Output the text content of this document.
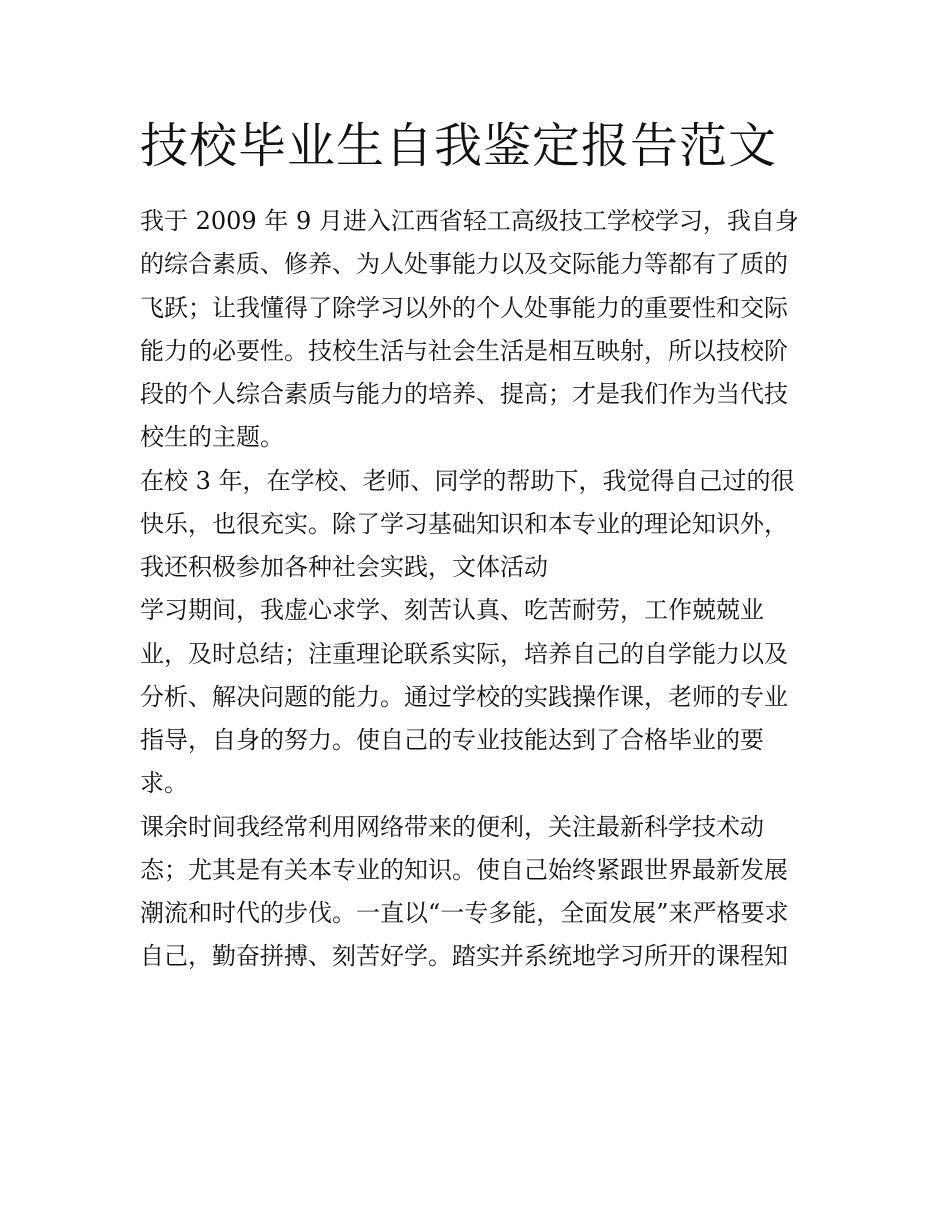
技校毕业生自我鉴定报告范文

我于 2009 年 9 月进入江西省轻工高级技工学校学习，我自身

的综合素质、修养、为人处事能力以及交际能力等都有了质的

飞跃；让我懂得了除学习以外的个人处事能力的重要性和交际

能力的必要性。技校生活与社会生活是相互映射，所以技校阶

段的个人综合素质与能力的培养、提高；才是我们作为当代技

校生的主题。

在校 3 年，在学校、老师、同学的帮助下，我觉得自己过的很

快乐，也很充实。除了学习基础知识和本专业的理论知识外，

我还积极参加各种社会实践，文体活动

学习期间，我虚心求学、刻苦认真、吃苦耐劳，工作兢兢业

业，及时总结；注重理论联系实际，培养自己的自学能力以及

分析、解决问题的能力。通过学校的实践操作课，老师的专业

指导，自身的努力。使自己的专业技能达到了合格毕业的要

求。

课余时间我经常利用网络带来的便利，关注最新科学技术动

态；尤其是有关本专业的知识。使自己始终紧跟世界最新发展

潮流和时代的步伐。一直以“一专多能，全面发展”来严格要求

自己，勤奋拼搏、刻苦好学。踏实并系统地学习所开的课程知
